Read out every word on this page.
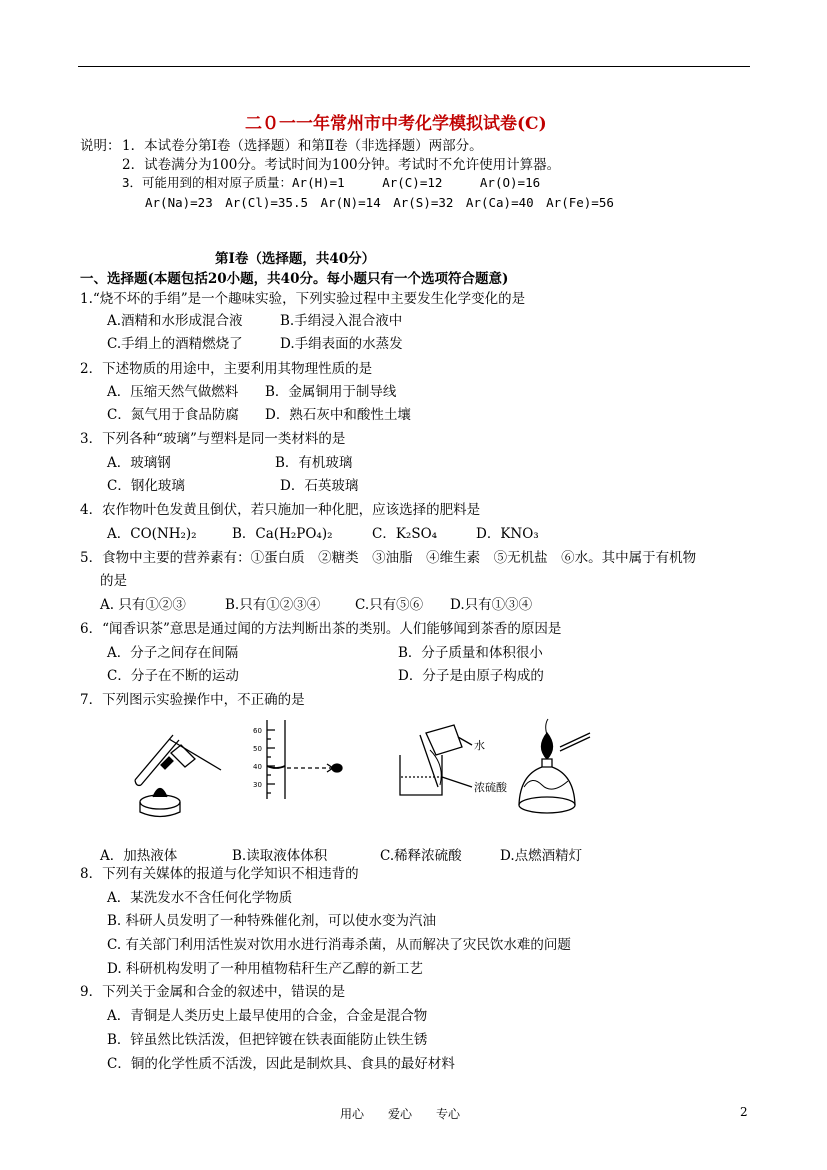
二０一一年常州市中考化学模拟试卷(C)
说明： 1．本试卷分第Ⅰ卷（选择题）和第Ⅱ卷（非选择题）两部分。
2．试卷满分为100分。考试时间为100分钟。考试时不允许使用计算器。
3．可能用到的相对原子质量：Ar(H)=1　　　Ar(C)=12　　　Ar(O)=16
Ar(Na)=23　Ar(Cl)=35.5　Ar(N)=14　Ar(S)=32　Ar(Ca)=40　Ar(Fe)=56
第Ⅰ卷（选择题，共40分）
一、选择题(本题包括20小题，共40分。每小题只有一个选项符合题意)
1.“烧不坏的手绢”是一个趣味实验，下列实验过程中主要发生化学变化的是
A.酒精和水形成混合液	B.手绢浸入混合液中
C.手绢上的酒精燃烧了	D.手绢表面的水蒸发
2．下述物质的用途中，主要利用其物理性质的是
A．压缩天然气做燃料 B．金属铜用于制导线
C．氮气用于食品防腐 D．熟石灰中和酸性土壤
3．下列各种“玻璃”与塑料是同一类材料的是
A．玻璃钢	B．有机玻璃
C．钢化玻璃	D．石英玻璃
4．农作物叶色发黄且倒伏，若只施加一种化肥，应该选择的肥料是
A．CO(NH₂)₂	B．Ca(H₂PO₄)₂	C．K₂SO₄	D．KNO₃
5．食物中主要的营养素有：①蛋白质　②糖类　③油脂　④维生素　⑤无机盐　⑥水。其中属于有机物
的是
A. 只有①②③	B.只有①②③④	C.只有⑤⑥ D.只有①③④
6．“闻香识茶”意思是通过闻的方法判断出茶的类别。人们能够闻到茶香的原因是
A．分子之间存在间隔	B．分子质量和体积很小
C．分子在不断的运动	D．分子是由原子构成的
7．下列图示实验操作中，不正确的是
60
50
40
30
水
浓硫酸
A．加热液体	B.读取液体体积	C.稀释浓硫酸	D.点燃酒精灯
8．下列有关媒体的报道与化学知识不相违背的
A．某洗发水不含任何化学物质
B. 科研人员发明了一种特殊催化剂，可以使水变为汽油
C. 有关部门利用活性炭对饮用水进行消毒杀菌，从而解决了灾民饮水难的问题
D. 科研机构发明了一种用植物秸秆生产乙醇的新工艺
9．下列关于金属和合金的叙述中，错误的是
A．青铜是人类历史上最早使用的合金，合金是混合物
B．锌虽然比铁活泼，但把锌镀在铁表面能防止铁生锈
C．铜的化学性质不活泼，因此是制炊具、食具的最好材料
用心　　爱心　　专心	2
